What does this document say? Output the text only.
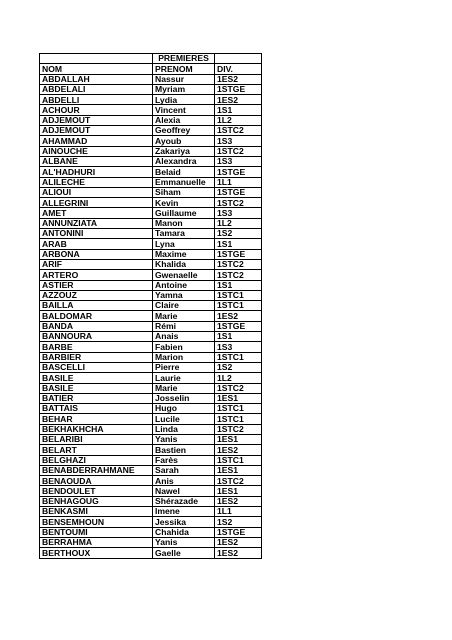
	PREMIERES	
NOM	PRENOM	DIV.
ABDALLAH	Nassur	1ES2
ABDELALI	Myriam	1STGE
ABDELLI	Lydia	1ES2
ACHOUR	Vincent	1S1
ADJEMOUT	Alexia	1L2
ADJEMOUT	Geoffrey	1STC2
AHAMMAD	Ayoub	1S3
AINOUCHE	Zakariya	1STC2
ALBANE	Alexandra	1S3
AL'HADHURI	Belaid	1STGE
ALILECHE	Emmanuelle	1L1
ALIOUI	Siham	1STGE
ALLEGRINI	Kevin	1STC2
AMET	Guillaume	1S3
ANNUNZIATA	Manon	1L2
ANTONINI	Tamara	1S2
ARAB	Lyna	1S1
ARBONA	Maxime	1STGE
ARIF	Khalida	1STC2
ARTERO	Gwenaelle	1STC2
ASTIER	Antoine	1S1
AZZOUZ	Yamna	1STC1
BAILLA	Claire	1STC1
BALDOMAR	Marie	1ES2
BANDA	Rémi	1STGE
BANNOURA	Anais	1S1
BARBE	Fabien	1S3
BARBIER	Marion	1STC1
BASCELLI	Pierre	1S2
BASILE	Laurie	1L2
BASILE	Marie	1STC2
BATIER	Josselin	1ES1
BATTAIS	Hugo	1STC1
BEHAR	Lucile	1STC1
BEKHAKHCHA	Linda	1STC2
BELARIBI	Yanis	1ES1
BELART	Bastien	1ES2
BELGHAZI	Farès	1STC1
BENABDERRAHMANE	Sarah	1ES1
BENAOUDA	Anis	1STC2
BENDOULET	Nawel	1ES1
BENHAGOUG	Shérazade	1ES2
BENKASMI	Imene	1L1
BENSEMHOUN	Jessika	1S2
BENTOUMI	Chahida	1STGE
BERRAHMA	Yanis	1ES2
BERTHOUX	Gaelle	1ES2
